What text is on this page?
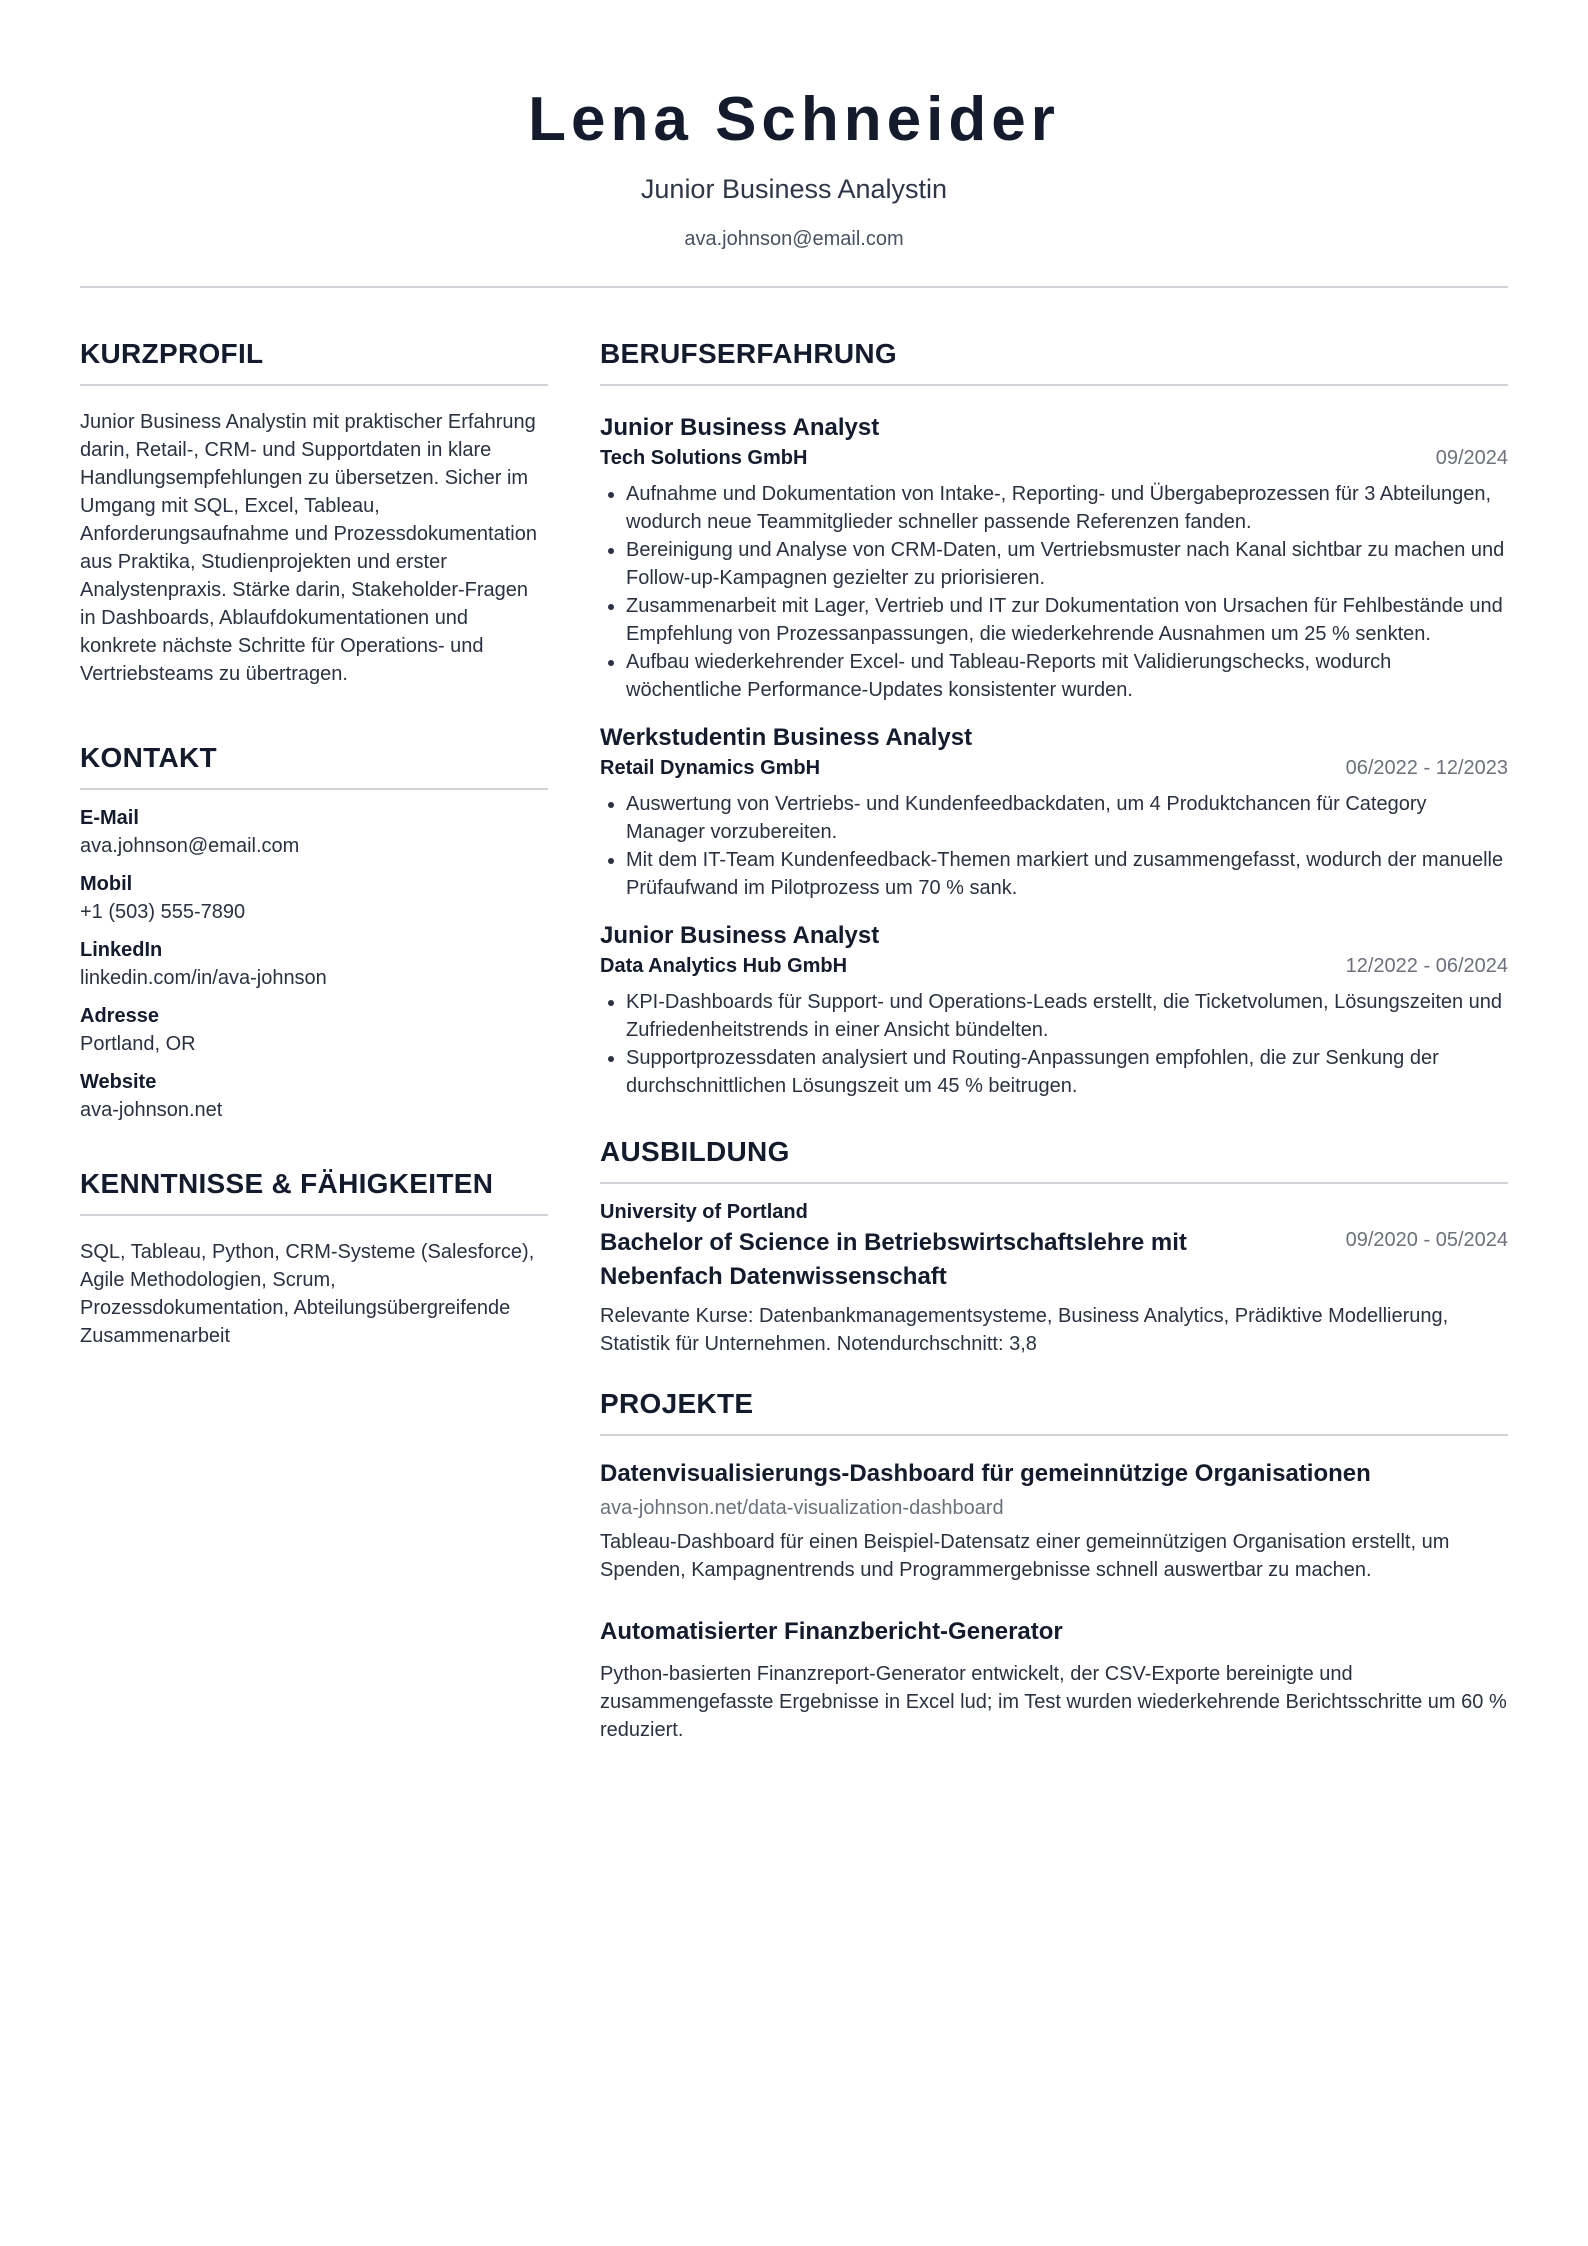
Lena Schneider
Junior Business Analystin
ava.johnson@email.com
KURZPROFIL
Junior Business Analystin mit praktischer Erfahrung darin, Retail-, CRM- und Supportdaten in klare Handlungsempfehlungen zu übersetzen. Sicher im Umgang mit SQL, Excel, Tableau, Anforderungsaufnahme und Prozessdokumentation aus Praktika, Studienprojekten und erster Analystenpraxis. Stärke darin, Stakeholder-Fragen in Dashboards, Ablaufdokumentationen und konkrete nächste Schritte für Operations- und Vertriebsteams zu übertragen.
KONTAKT
E-Mail
ava.johnson@email.com
Mobil
+1 (503) 555-7890
LinkedIn
linkedin.com/in/ava-johnson
Adresse
Portland, OR
Website
ava-johnson.net
KENNTNISSE & FÄHIGKEITEN
SQL, Tableau, Python, CRM-Systeme (Salesforce), Agile Methodologien, Scrum, Prozessdokumentation, Abteilungsübergreifende Zusammenarbeit
BERUFSERFAHRUNG
Junior Business Analyst
Tech Solutions GmbH	09/2024
• Aufnahme und Dokumentation von Intake-, Reporting- und Übergabeprozessen für 3 Abteilungen, wodurch neue Teammitglieder schneller passende Referenzen fanden.
• Bereinigung und Analyse von CRM-Daten, um Vertriebsmuster nach Kanal sichtbar zu machen und Follow-up-Kampagnen gezielter zu priorisieren.
• Zusammenarbeit mit Lager, Vertrieb und IT zur Dokumentation von Ursachen für Fehlbestände und Empfehlung von Prozessanpassungen, die wiederkehrende Ausnahmen um 25 % senkten.
• Aufbau wiederkehrender Excel- und Tableau-Reports mit Validierungschecks, wodurch wöchentliche Performance-Updates konsistenter wurden.
Werkstudentin Business Analyst
Retail Dynamics GmbH	06/2022 - 12/2023
• Auswertung von Vertriebs- und Kundenfeedbackdaten, um 4 Produktchancen für Category Manager vorzubereiten.
• Mit dem IT-Team Kundenfeedback-Themen markiert und zusammengefasst, wodurch der manuelle Prüfaufwand im Pilotprozess um 70 % sank.
Junior Business Analyst
Data Analytics Hub GmbH	12/2022 - 06/2024
• KPI-Dashboards für Support- und Operations-Leads erstellt, die Ticketvolumen, Lösungszeiten und Zufriedenheitstrends in einer Ansicht bündelten.
• Supportprozessdaten analysiert und Routing-Anpassungen empfohlen, die zur Senkung der durchschnittlichen Lösungszeit um 45 % beitrugen.
AUSBILDUNG
University of Portland
Bachelor of Science in Betriebswirtschaftslehre mit Nebenfach Datenwissenschaft
09/2020 - 05/2024
Relevante Kurse: Datenbankmanagementsysteme, Business Analytics, Prädiktive Modellierung, Statistik für Unternehmen. Notendurchschnitt: 3,8
PROJEKTE
Datenvisualisierungs-Dashboard für gemeinnützige Organisationen
ava-johnson.net/data-visualization-dashboard
Tableau-Dashboard für einen Beispiel-Datensatz einer gemeinnützigen Organisation erstellt, um Spenden, Kampagnentrends und Programmergebnisse schnell auswertbar zu machen.
Automatisierter Finanzbericht-Generator
Python-basierten Finanzreport-Generator entwickelt, der CSV-Exporte bereinigte und zusammengefasste Ergebnisse in Excel lud; im Test wurden wiederkehrende Berichtsschritte um 60 % reduziert.
